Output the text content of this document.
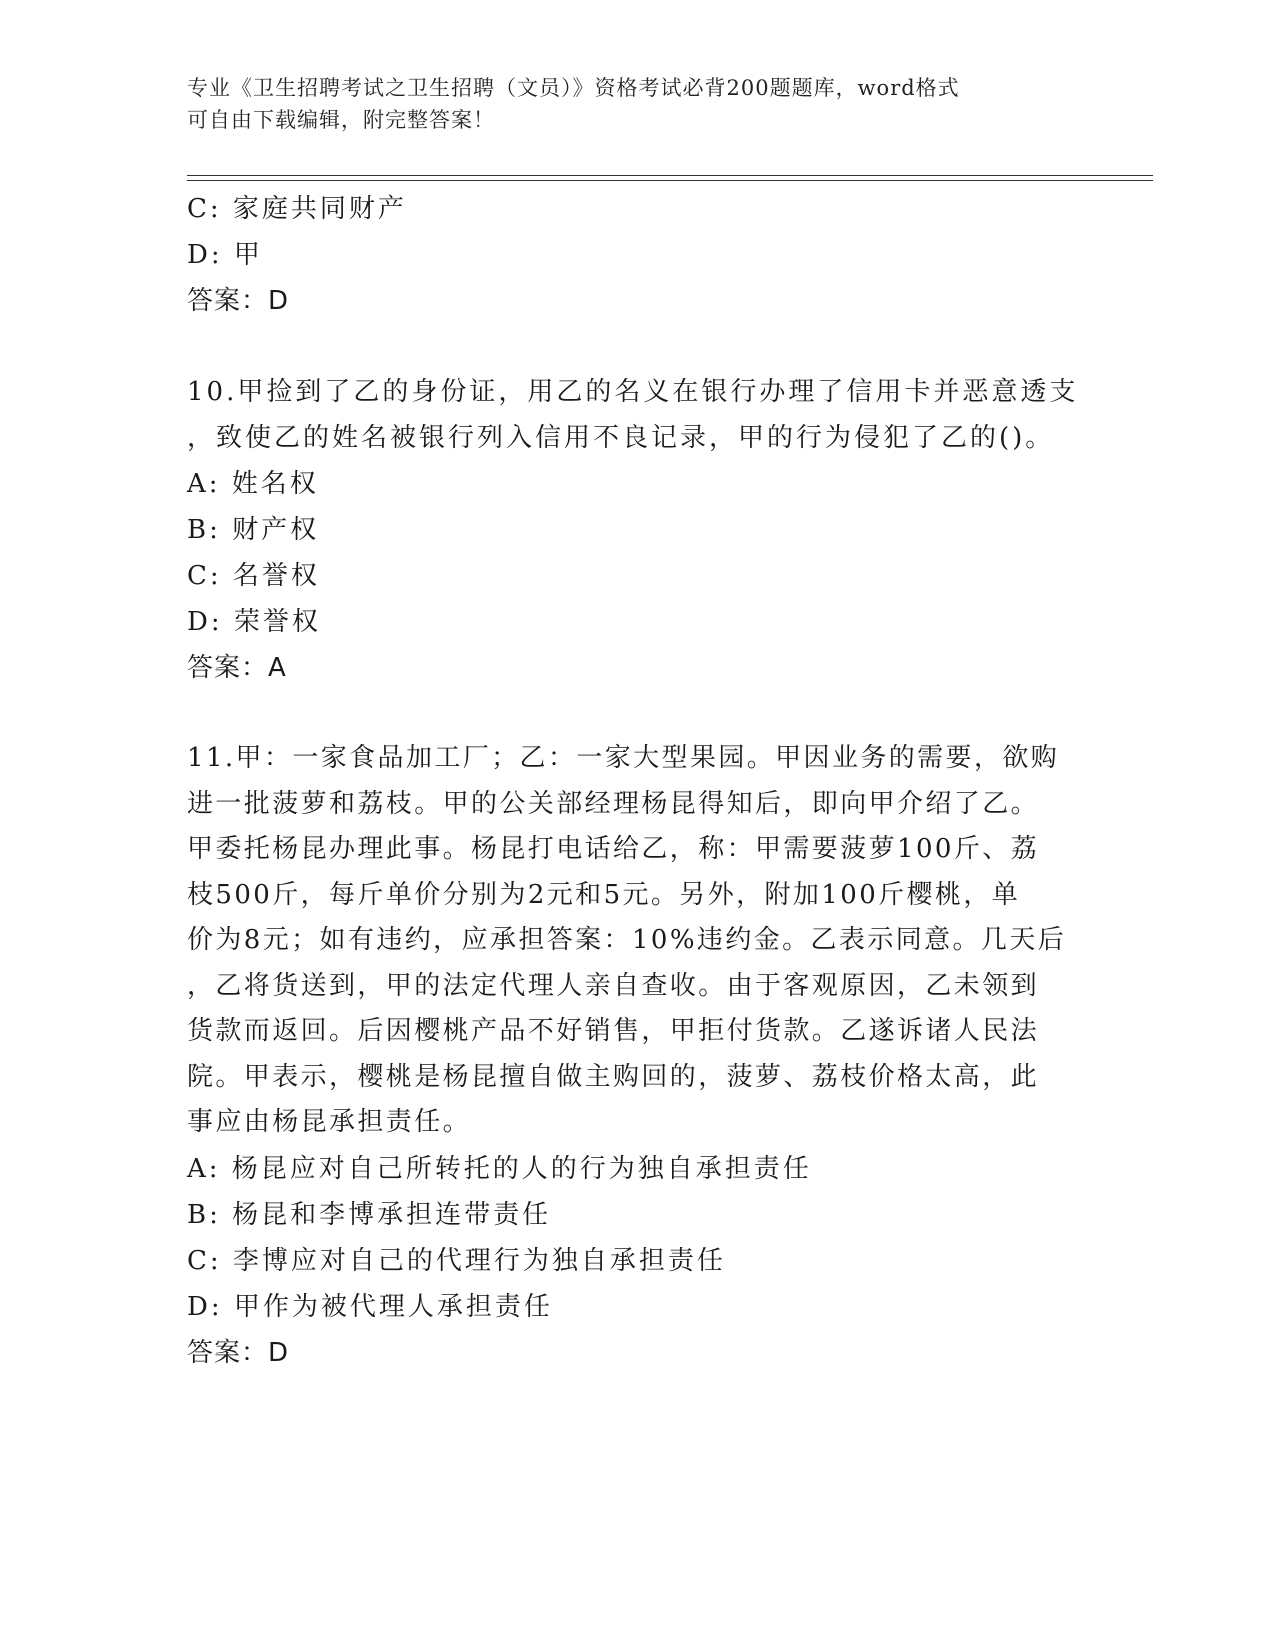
专业《卫生招聘考试之卫生招聘（文员）》资格考试必背200题题库，word格式
可自由下载编辑，附完整答案！

C: 家庭共同财产

D: 甲

答案：D

10.甲捡到了乙的身份证，用乙的名义在银行办理了信用卡并恶意透支

，致使乙的姓名被银行列入信用不良记录，甲的行为侵犯了乙的()。

A: 姓名权

B: 财产权

C: 名誉权

D: 荣誉权

答案：A

11.甲：一家食品加工厂；乙：一家大型果园。甲因业务的需要，欲购

进一批菠萝和荔枝。甲的公关部经理杨昆得知后，即向甲介绍了乙。

甲委托杨昆办理此事。杨昆打电话给乙，称：甲需要菠萝100斤、荔

枝500斤，每斤单价分别为2元和5元。另外，附加100斤樱桃，单

价为8元；如有违约，应承担答案：10%违约金。乙表示同意。几天后

，乙将货送到，甲的法定代理人亲自查收。由于客观原因，乙未领到

货款而返回。后因樱桃产品不好销售，甲拒付货款。乙遂诉诸人民法

院。甲表示，樱桃是杨昆擅自做主购回的，菠萝、荔枝价格太高，此

事应由杨昆承担责任。

A: 杨昆应对自己所转托的人的行为独自承担责任

B: 杨昆和李博承担连带责任

C: 李博应对自己的代理行为独自承担责任

D: 甲作为被代理人承担责任

答案：D
